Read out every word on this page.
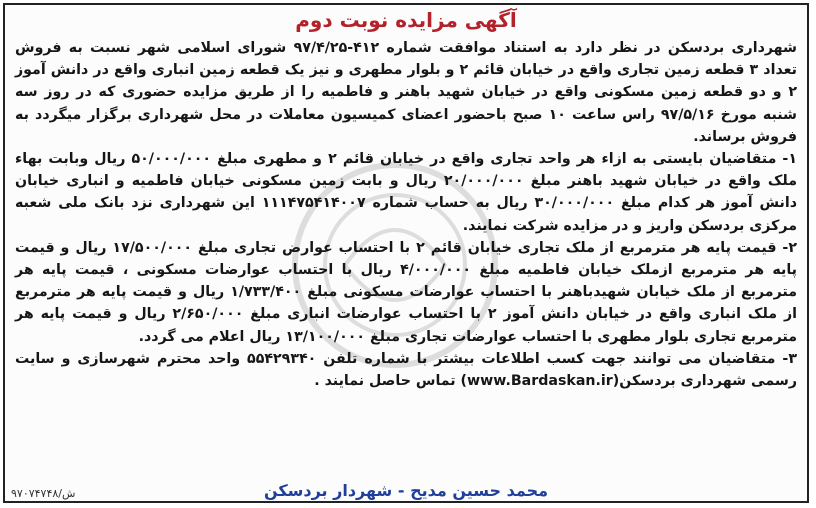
آگهی مزایده نوبت دوم

شهرداری بردسکن در نظر دارد به استناد موافقت شماره ۴۱۲-۹۷/۴/۲۵ شورای اسلامی شهر نسبت به فروش تعداد ۳ قطعه زمین تجاری واقع در خیابان قائم ۲ و بلوار مطهری و نیز یک قطعه زمین انباری واقع در دانش آموز ۲ و دو قطعه زمین مسکونی واقع در خیابان شهید باهنر و فاطمیه را از طریق مزایده حضوری که در روز سه شنبه مورخ ۹۷/۵/۱۶ راس ساعت ۱۰ صبح باحضور اعضای کمیسیون معاملات در محل شهرداری برگزار میگردد به فروش برساند.

۱- متقاضیان بایستی به ازاء هر واحد تجاری واقع در خیابان قائم ۲ و مطهری مبلغ ۵۰/۰۰۰/۰۰۰ ریال وبابت بهاء ملک واقع در خیابان شهید باهنر مبلغ ۲۰/۰۰۰/۰۰۰ ریال و بابت زمین مسکونی خیابان فاطمیه و انباری خیابان دانش آموز هر کدام مبلغ ۳۰/۰۰۰/۰۰۰ ریال به حساب شماره ۱۱۱۴۷۵۴۱۴۰۰۷ این شهرداری نزد بانک ملی شعبه مرکزی بردسکن واریز و در مزایده شرکت نمایند.

۲- قیمت پایه هر مترمربع از ملک تجاری خیابان قائم ۲ با احتساب عوارض تجاری مبلغ ۱۷/۵۰۰/۰۰۰ ریال و قیمت پایه هر مترمربع ازملک خیابان فاطمیه مبلغ ۴/۰۰۰/۰۰۰ ریال با احتساب عوارضات مسکونی ، قیمت پایه هر مترمربع از ملک خیابان شهیدباهنر با احتساب عوارضات مسکونی مبلغ ۱/۷۳۳/۴۰۰ ریال و قیمت پایه هر مترمربع از ملک انباری واقع در خیابان دانش آموز ۲ با احتساب عوارضات انباری مبلغ ۲/۶۵۰/۰۰۰ ریال و قیمت پایه هر مترمربع تجاری بلوار مطهری با احتساب عوارضات تجاری مبلغ ۱۳/۱۰۰/۰۰۰ ریال اعلام می گردد.

۳- متقاضیان می توانند جهت کسب اطلاعات بیشتر با شماره تلفن ۵۵۴۲۹۳۴۰ واحد محترم شهرسازی و سایت رسمی شهرداری بردسکن(www.Bardaskan.ir) تماس حاصل نمایند .

محمد حسین مدیح - شهردار بردسکن
۹۷۰۷۴۷۴۸/ش
